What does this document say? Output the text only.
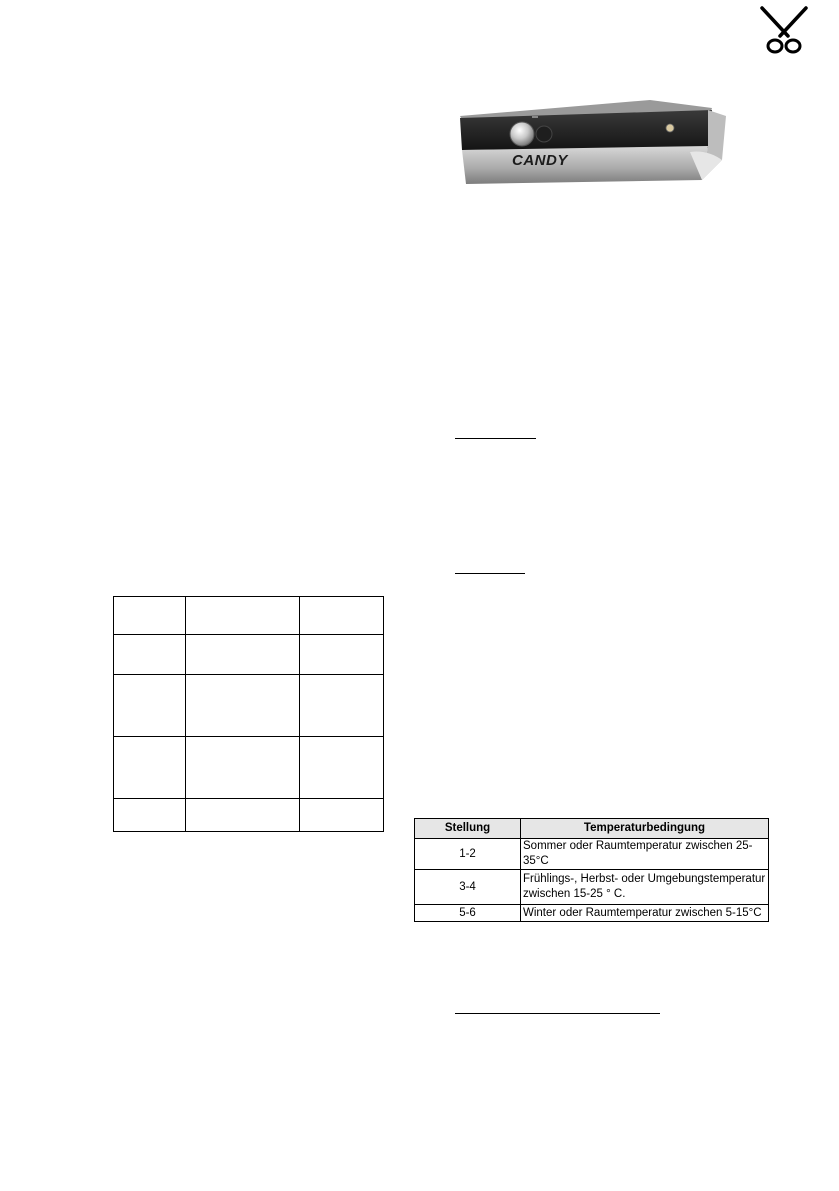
CANDY

Stellung	Temperaturbedingung
1-2	Sommer oder Raumtemperatur zwischen 25-35°C
3-4	Frühlings-, Herbst- oder Umgebungstemperatur zwischen 15-25 ° C.
5-6	Winter oder Raumtemperatur zwischen 5-15°C
